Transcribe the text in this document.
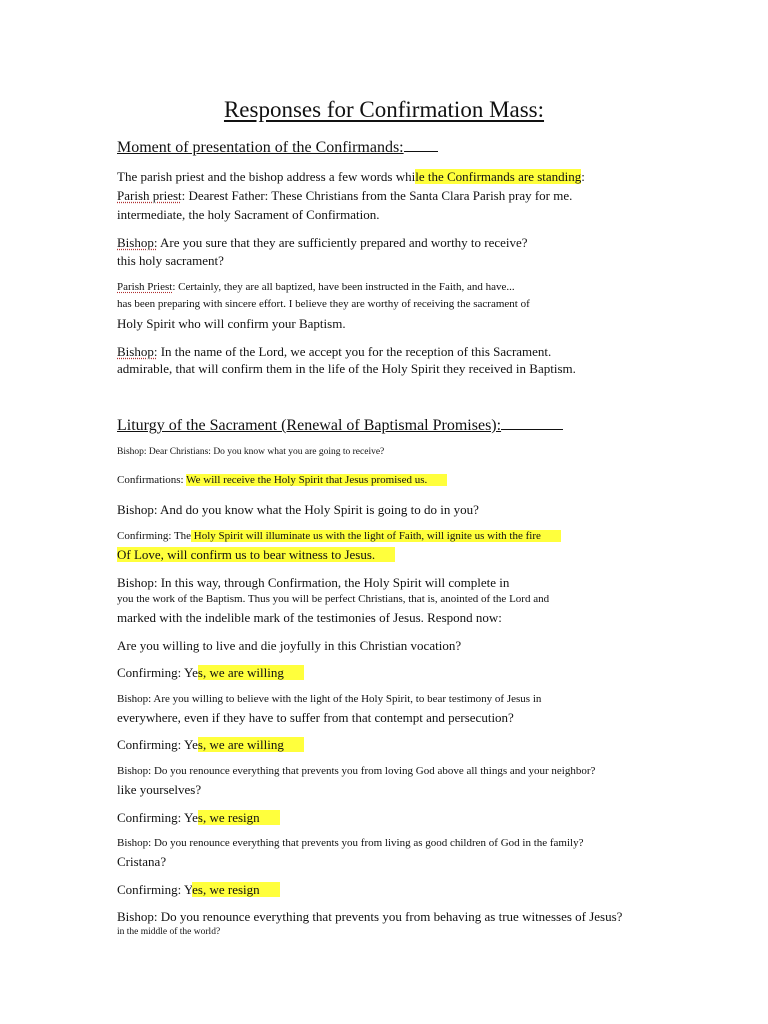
Responses for Confirmation Mass:
Moment of presentation of the Confirmands:
The parish priest and the bishop address a few words while the Confirmands are standing:
Parish priest: Dearest Father: These Christians from the Santa Clara Parish pray for me.
intermediate, the holy Sacrament of Confirmation.
Bishop: Are you sure that they are sufficiently prepared and worthy to receive?
this holy sacrament?
Parish Priest: Certainly, they are all baptized, have been instructed in the Faith, and have...
has been preparing with sincere effort. I believe they are worthy of receiving the sacrament of
Holy Spirit who will confirm your Baptism.
Bishop: In the name of the Lord, we accept you for the reception of this Sacrament.
admirable, that will confirm them in the life of the Holy Spirit they received in Baptism.
Liturgy of the Sacrament (Renewal of Baptismal Promises):
Bishop: Dear Christians: Do you know what you are going to receive?
Confirmations: We will receive the Holy Spirit that Jesus promised us.
Bishop: And do you know what the Holy Spirit is going to do in you?
Confirming: The Holy Spirit will illuminate us with the light of Faith, will ignite us with the fire
Of Love, will confirm us to bear witness to Jesus.
Bishop: In this way, through Confirmation, the Holy Spirit will complete in
you the work of the Baptism. Thus you will be perfect Christians, that is, anointed of the Lord and
marked with the indelible mark of the testimonies of Jesus. Respond now:
Are you willing to live and die joyfully in this Christian vocation?
Confirming: Yes, we are willing
Bishop: Are you willing to believe with the light of the Holy Spirit, to bear testimony of Jesus in
everywhere, even if they have to suffer from that contempt and persecution?
Confirming: Yes, we are willing
Bishop: Do you renounce everything that prevents you from loving God above all things and your neighbor?
like yourselves?
Confirming: Yes, we resign
Bishop: Do you renounce everything that prevents you from living as good children of God in the family?
Cristana?
Confirming: Yes, we resign
Bishop: Do you renounce everything that prevents you from behaving as true witnesses of Jesus?
in the middle of the world?
